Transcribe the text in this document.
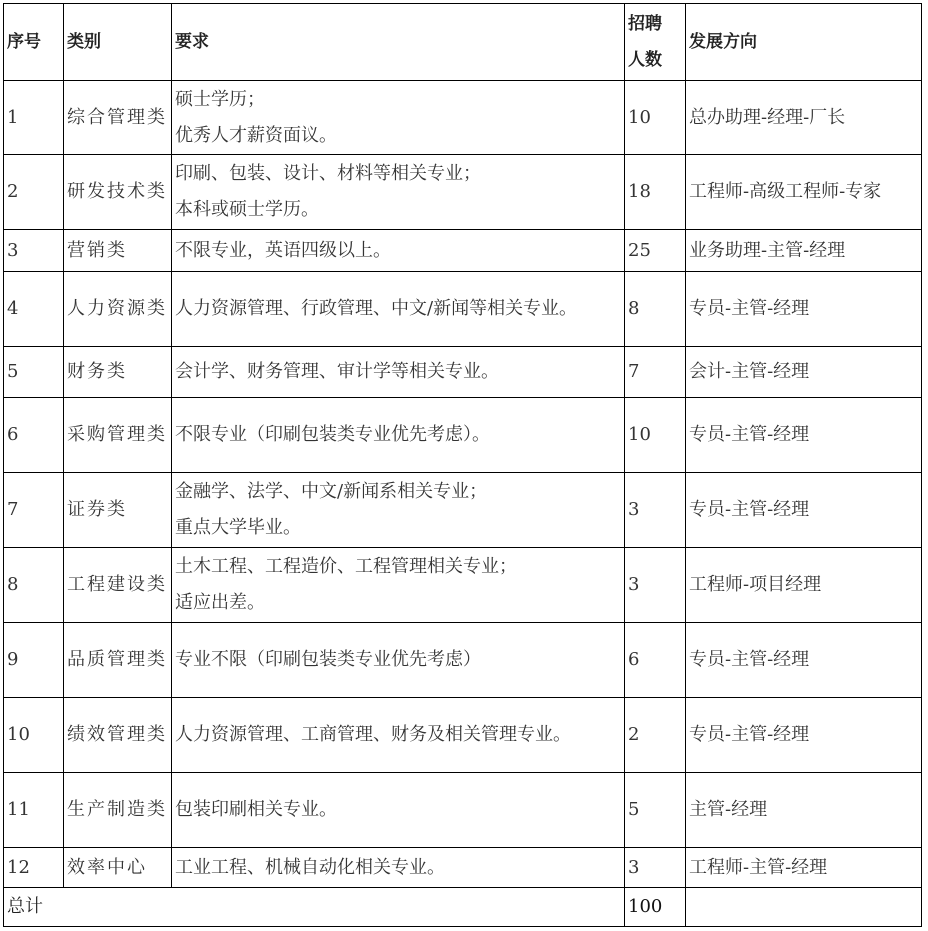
序号	类别	要求	招聘
人数	发展方向
1	综合管理类	硕士学历；
优秀人才薪资面议。	10	总办助理-经理-厂长
2	研发技术类	印刷、包装、设计、材料等相关专业；
本科或硕士学历。	18	工程师-高级工程师-专家
3	营销类	不限专业，英语四级以上。	25	业务助理-主管-经理
4	人力资源类	人力资源管理、行政管理、中文/新闻等相关专业。	8	专员-主管-经理
5	财务类	会计学、财务管理、审计学等相关专业。	7	会计-主管-经理
6	采购管理类	不限专业（印刷包装类专业优先考虑）。	10	专员-主管-经理
7	证券类	金融学、法学、中文/新闻系相关专业；
重点大学毕业。	3	专员-主管-经理
8	工程建设类	土木工程、工程造价、工程管理相关专业；
适应出差。	3	工程师-项目经理
9	品质管理类	专业不限（印刷包装类专业优先考虑）	6	专员-主管-经理
10	绩效管理类	人力资源管理、工商管理、财务及相关管理专业。	2	专员-主管-经理
11	生产制造类	包装印刷相关专业。	5	主管-经理
12	效率中心	工业工程、机械自动化相关专业。	3	工程师-主管-经理
总计			100	
